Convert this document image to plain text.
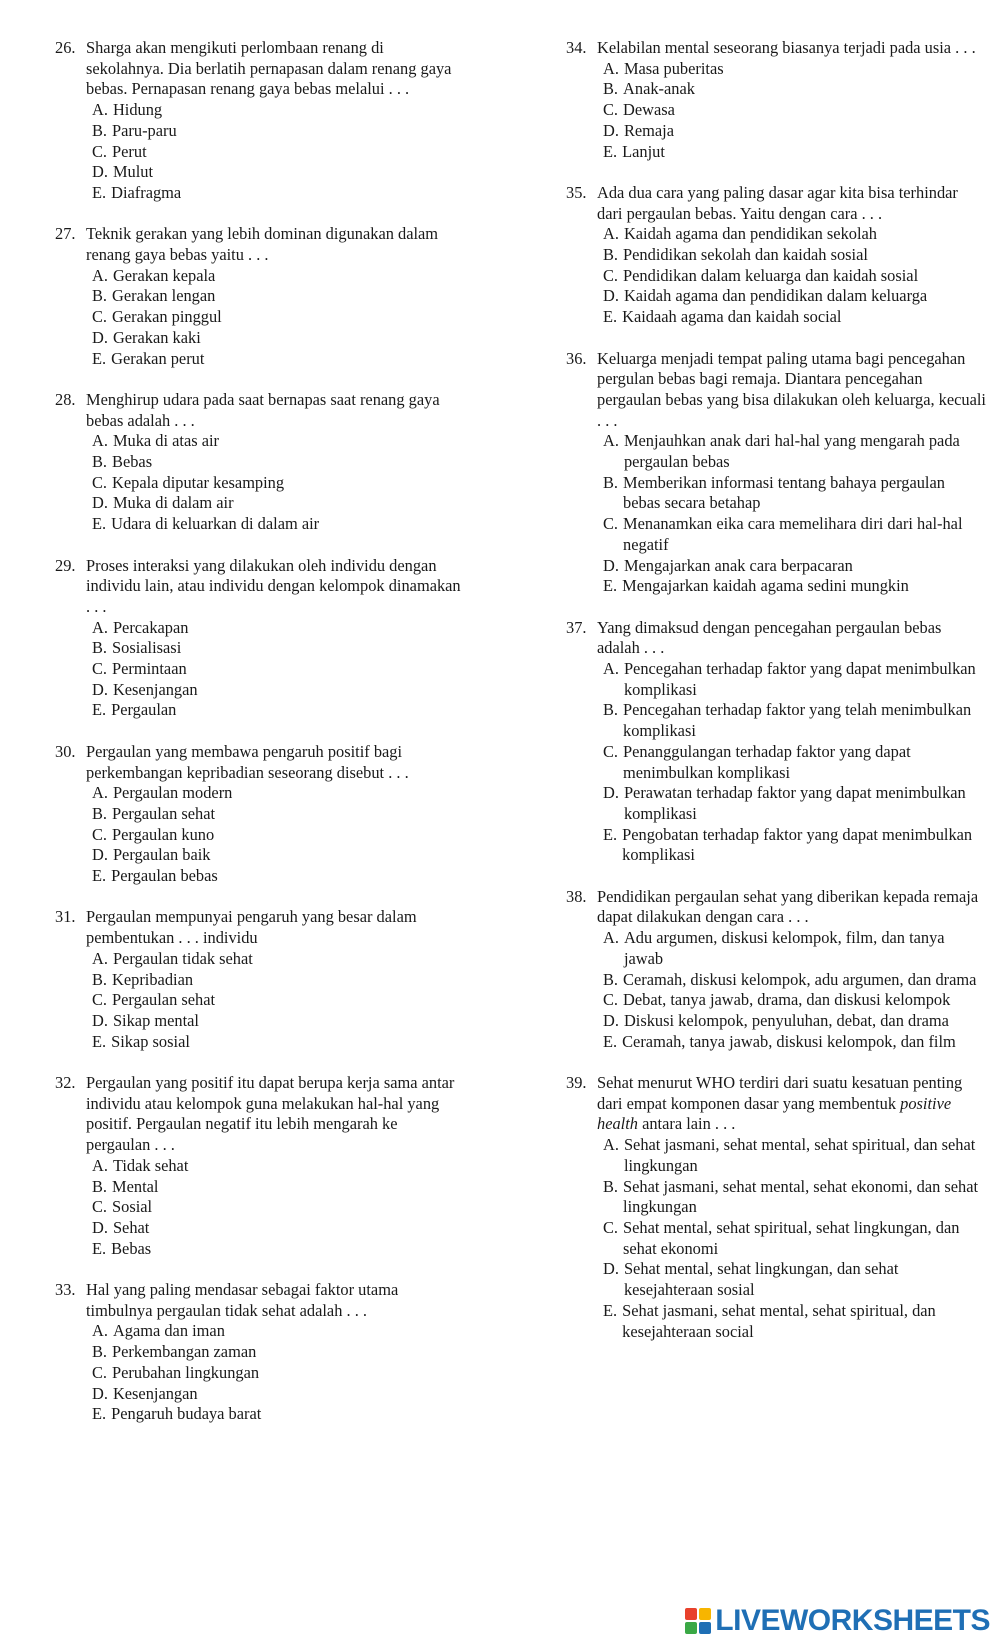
26. Sharga akan mengikuti perlombaan renang di sekolahnya. Dia berlatih pernapasan dalam renang gaya bebas. Pernapasan renang gaya bebas melalui . . .
A. Hidung
B. Paru-paru
C. Perut
D. Mulut
E. Diafragma
27. Teknik gerakan yang lebih dominan digunakan dalam renang gaya bebas yaitu . . .
A. Gerakan kepala
B. Gerakan lengan
C. Gerakan pinggul
D. Gerakan kaki
E. Gerakan perut
28. Menghirup udara pada saat bernapas saat renang gaya bebas adalah . . .
A. Muka di atas air
B. Bebas
C. Kepala diputar kesamping
D. Muka di dalam air
E. Udara di keluarkan di dalam air
29. Proses interaksi yang dilakukan oleh individu dengan individu lain, atau individu dengan kelompok dinamakan . . .
A. Percakapan
B. Sosialisasi
C. Permintaan
D. Kesenjangan
E. Pergaulan
30. Pergaulan yang membawa pengaruh positif bagi perkembangan kepribadian seseorang disebut . . .
A. Pergaulan modern
B. Pergaulan sehat
C. Pergaulan kuno
D. Pergaulan baik
E. Pergaulan bebas
31. Pergaulan mempunyai pengaruh yang besar dalam pembentukan . . . individu
A. Pergaulan tidak sehat
B. Kepribadian
C. Pergaulan sehat
D. Sikap mental
E. Sikap sosial
32. Pergaulan yang positif itu dapat berupa kerja sama antar individu atau kelompok guna melakukan hal-hal yang positif. Pergaulan negatif itu lebih mengarah ke pergaulan . . .
A. Tidak sehat
B. Mental
C. Sosial
D. Sehat
E. Bebas
33. Hal yang paling mendasar sebagai faktor utama timbulnya pergaulan tidak sehat adalah . . .
A. Agama dan iman
B. Perkembangan zaman
C. Perubahan lingkungan
D. Kesenjangan
E. Pengaruh budaya barat
34. Kelabilan mental seseorang biasanya terjadi pada usia . . .
A. Masa puberitas
B. Anak-anak
C. Dewasa
D. Remaja
E. Lanjut
35. Ada dua cara yang paling dasar agar kita bisa terhindar dari pergaulan bebas. Yaitu dengan cara . . .
A. Kaidah agama dan pendidikan sekolah
B. Pendidikan sekolah dan kaidah sosial
C. Pendidikan dalam keluarga dan kaidah sosial
D. Kaidah agama dan pendidikan dalam keluarga
E. Kaidaah agama dan kaidah social
36. Keluarga menjadi tempat paling utama bagi pencegahan pergulan bebas bagi remaja. Diantara pencegahan pergaulan bebas yang bisa dilakukan oleh keluarga, kecuali . . .
A. Menjauhkan anak dari hal-hal yang mengarah pada pergaulan bebas
B. Memberikan informasi tentang bahaya pergaulan bebas secara betahap
C. Menanamkan eika cara memelihara diri dari hal-hal negatif
D. Mengajarkan anak cara berpacaran
E. Mengajarkan kaidah agama sedini mungkin
37. Yang dimaksud dengan pencegahan pergaulan bebas adalah . . .
A. Pencegahan terhadap faktor yang dapat menimbulkan komplikasi
B. Pencegahan terhadap faktor yang telah menimbulkan komplikasi
C. Penanggulangan terhadap faktor yang dapat menimbulkan komplikasi
D. Perawatan terhadap faktor yang dapat menimbulkan komplikasi
E. Pengobatan terhadap faktor yang dapat menimbulkan komplikasi
38. Pendidikan pergaulan sehat yang diberikan kepada remaja dapat dilakukan dengan cara . . .
A. Adu argumen, diskusi kelompok, film, dan tanya jawab
B. Ceramah, diskusi kelompok, adu argumen, dan drama
C. Debat, tanya jawab, drama, dan diskusi kelompok
D. Diskusi kelompok, penyuluhan, debat, dan drama
E. Ceramah, tanya jawab, diskusi kelompok, dan film
39. Sehat menurut WHO terdiri dari suatu kesatuan penting dari empat komponen dasar yang membentuk positive health antara lain . . .
A. Sehat jasmani, sehat mental, sehat spiritual, dan sehat lingkungan
B. Sehat jasmani, sehat mental, sehat ekonomi, dan sehat lingkungan
C. Sehat mental, sehat spiritual, sehat lingkungan, dan sehat ekonomi
D. Sehat mental, sehat lingkungan, dan sehat kesejahteraan sosial
E. Sehat jasmani, sehat mental, sehat spiritual, dan kesejahteraan social
LIVEWORKSHEETS
